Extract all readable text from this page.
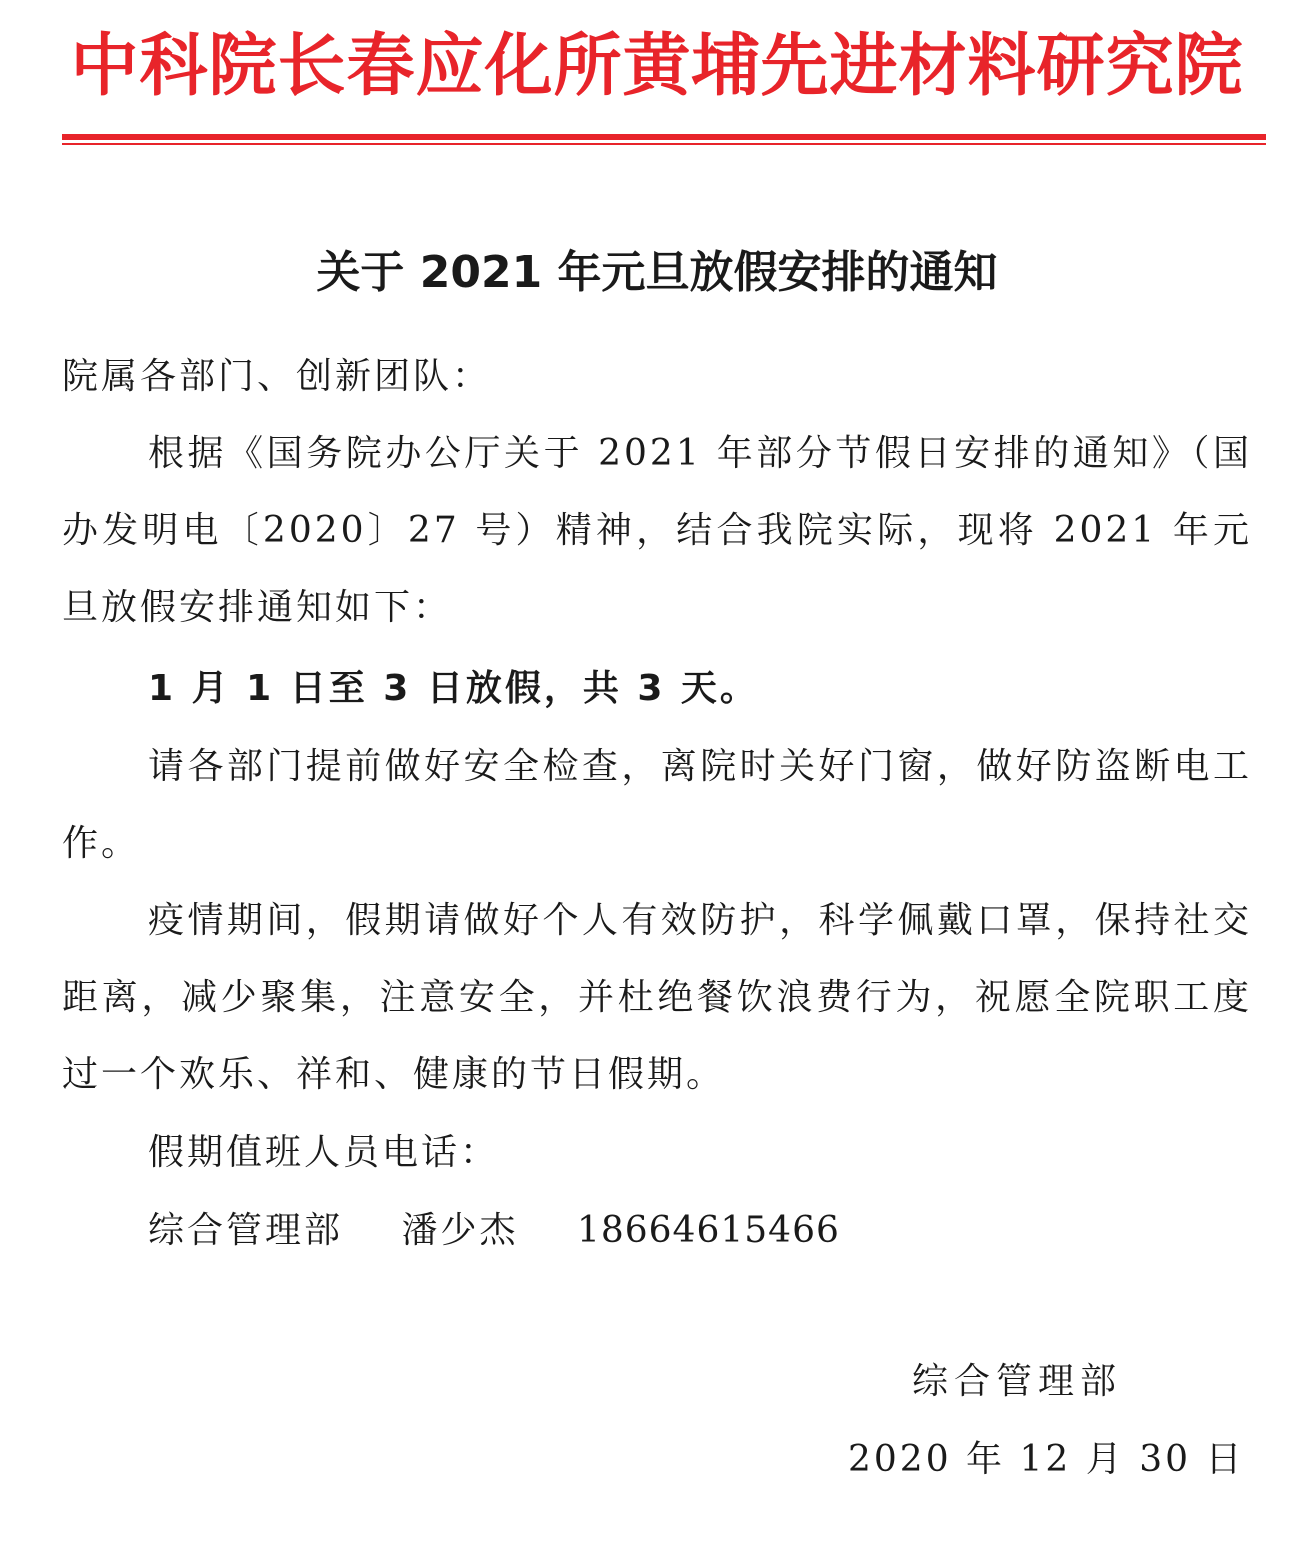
中科院长春应化所黄埔先进材料研究院
关于 2021 年元旦放假安排的通知
院属各部门、创新团队：
根据《国务院办公厅关于 2021 年部分节假日安排的通知》（国办发明电〔2020〕27 号）精神，结合我院实际，现将 2021 年元旦放假安排通知如下：
1 月 1 日至 3 日放假，共 3 天。
请各部门提前做好安全检查，离院时关好门窗，做好防盗断电工作。
疫情期间，假期请做好个人有效防护，科学佩戴口罩，保持社交距离，减少聚集，注意安全，并杜绝餐饮浪费行为，祝愿全院职工度过一个欢乐、祥和、健康的节日假期。
假期值班人员电话：
综合管理部 潘少杰 18664615466
综合管理部
2020 年 12 月 30 日
